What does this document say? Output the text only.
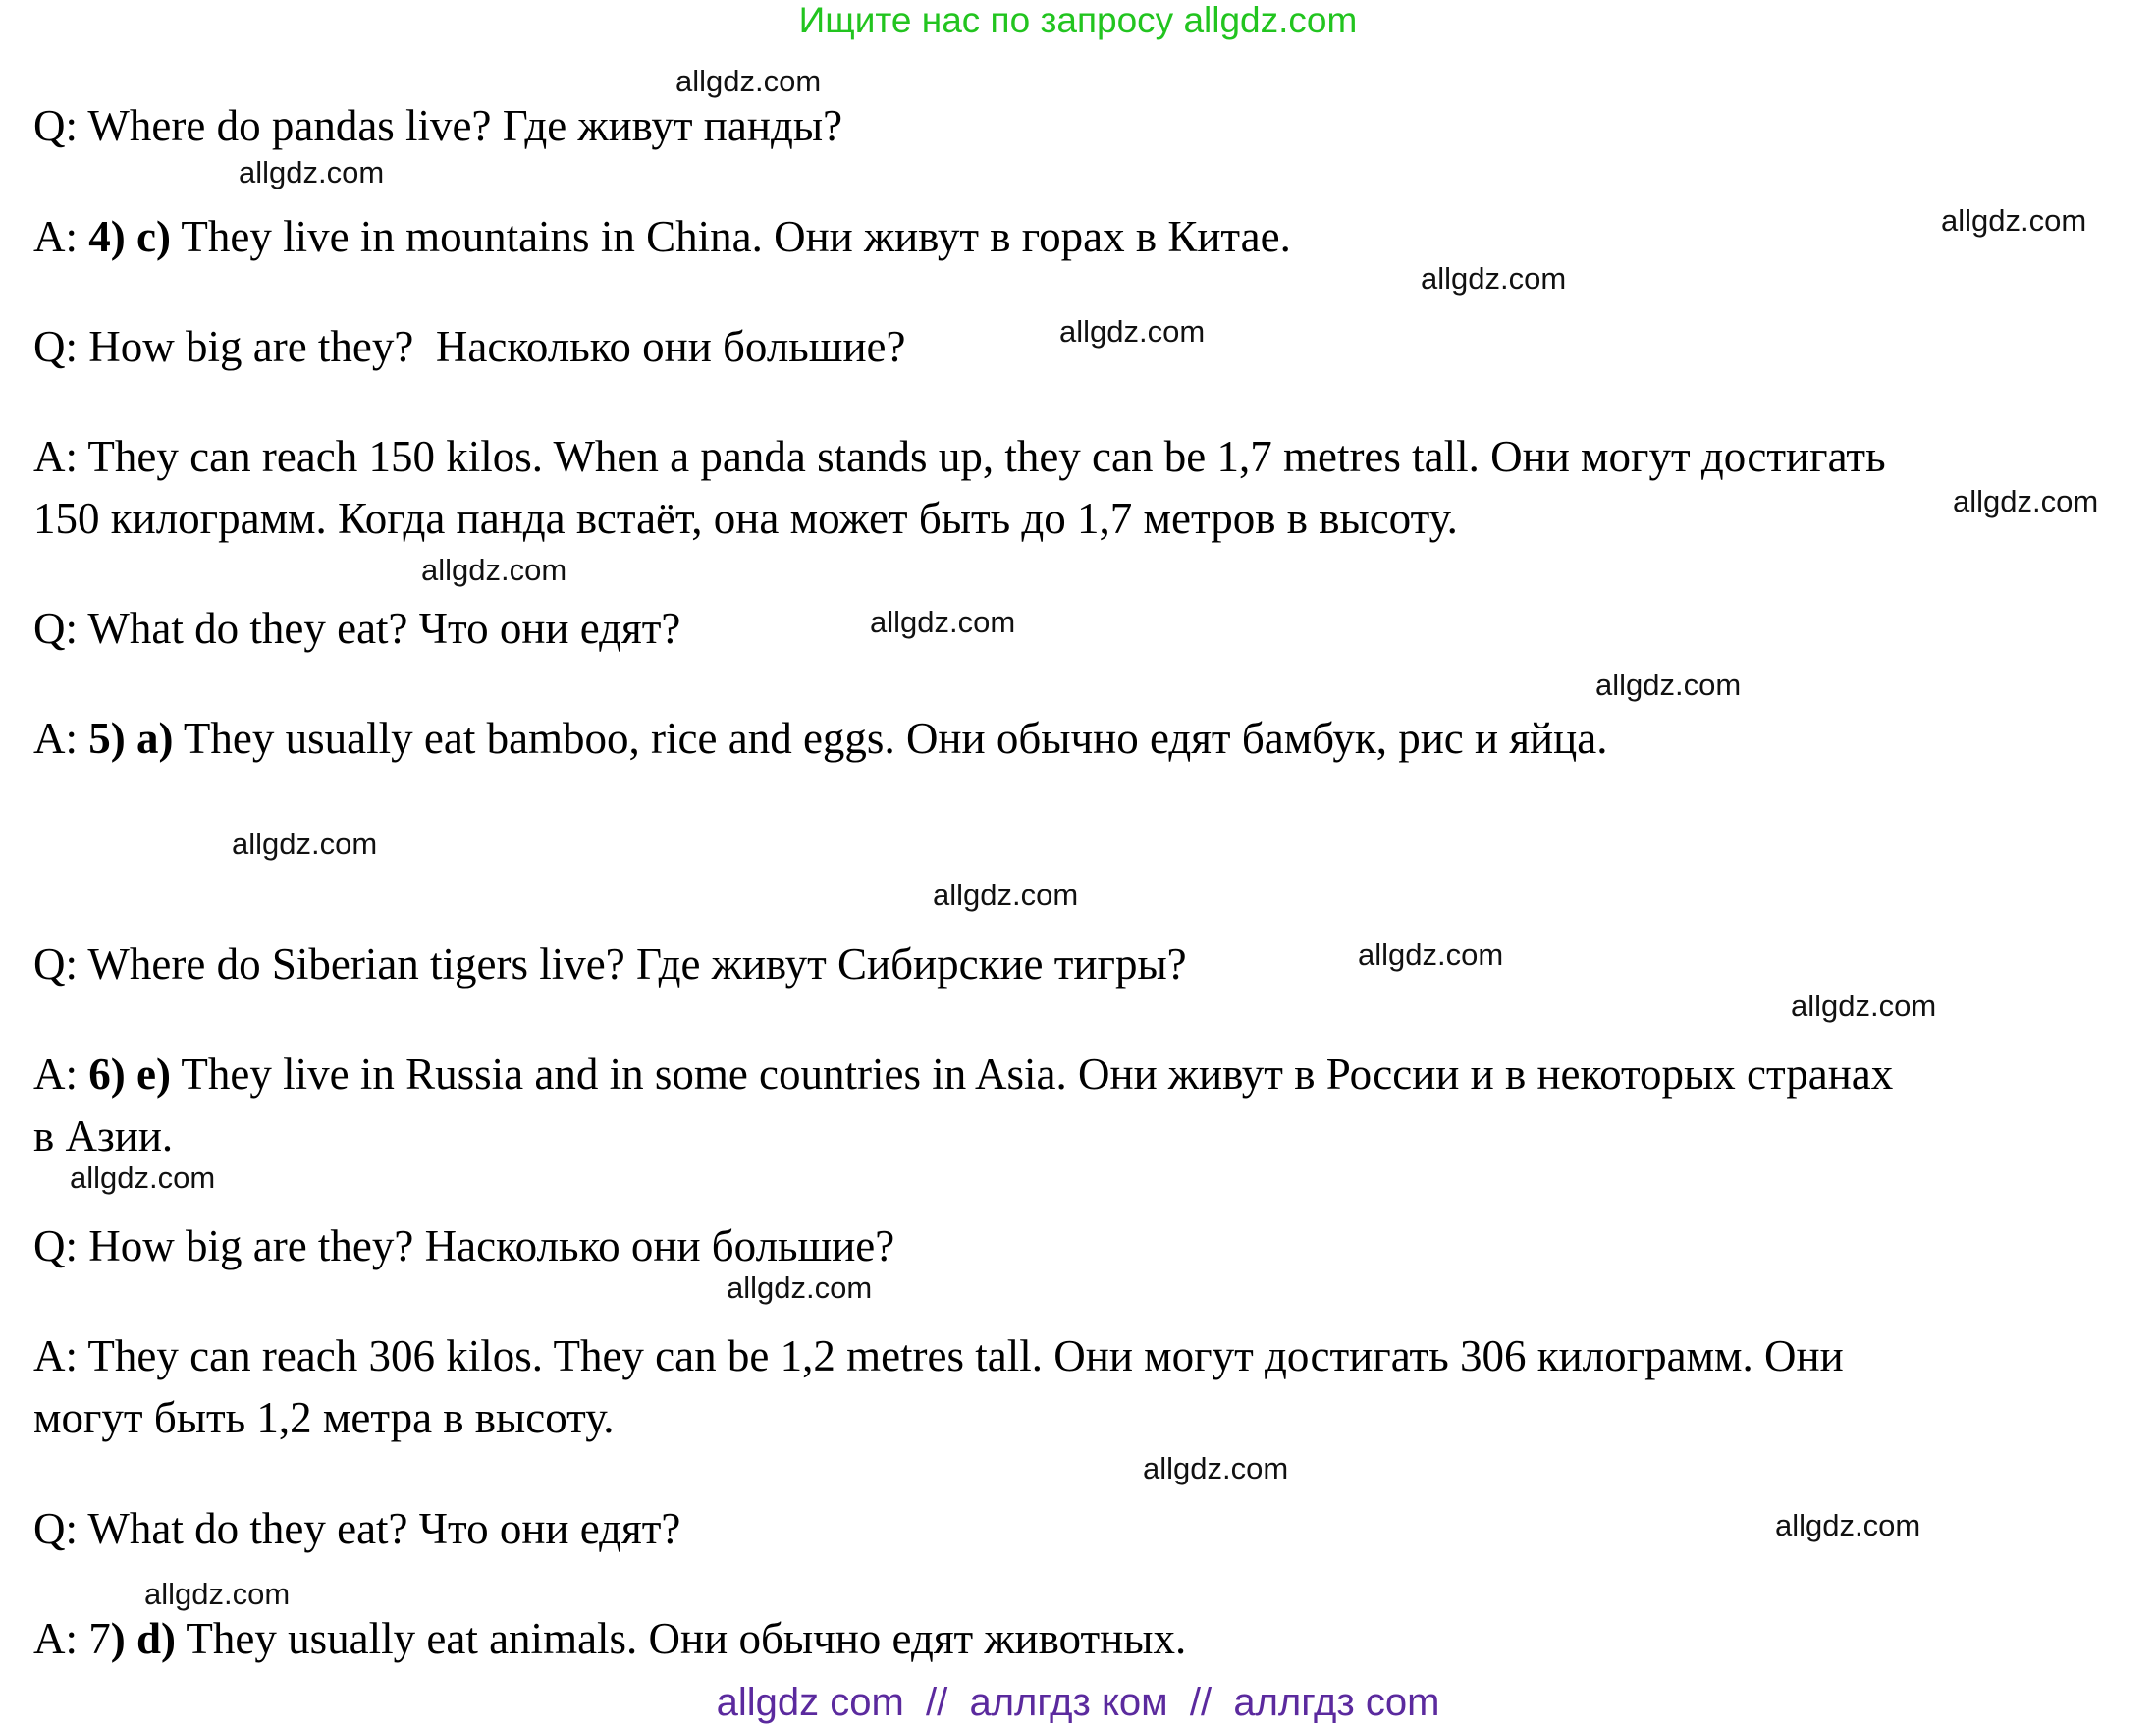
Ищите нас по запросу allgdz.com
Q: Where do pandas live? Где живут панды?
A: 4) c) They live in mountains in China. Они живут в горах в Китае.
Q: How big are they?  Насколько они большие?
A: They can reach 150 kilos. When a panda stands up, they can be 1,7 metres tall. Они могут достигать
150 килограмм. Когда панда встаёт, она может быть до 1,7 метров в высоту.
Q: What do they eat? Что они едят?
A: 5) a) They usually eat bamboo, rice and eggs. Они обычно едят бамбук, рис и яйца.
Q: Where do Siberian tigers live? Где живут Сибирские тигры?
A: 6) e) They live in Russia and in some countries in Asia. Они живут в России и в некоторых странах
в Азии.
Q: How big are they? Насколько они большие?
A: They can reach 306 kilos. They can be 1,2 metres tall. Они могут достигать 306 килограмм. Они
могут быть 1,2 метра в высоту.
Q: What do they eat? Что они едят?
A: 7) d) They usually eat animals. Они обычно едят животных.
allgdz.com
allgdz.com
allgdz.com
allgdz.com
allgdz.com
allgdz.com
allgdz.com
allgdz.com
allgdz.com
allgdz.com
allgdz.com
allgdz.com
allgdz.com
allgdz.com
allgdz.com
allgdz.com
allgdz.com
allgdz.com
allgdz com  //  аллгдз ком  //  аллгдз com
